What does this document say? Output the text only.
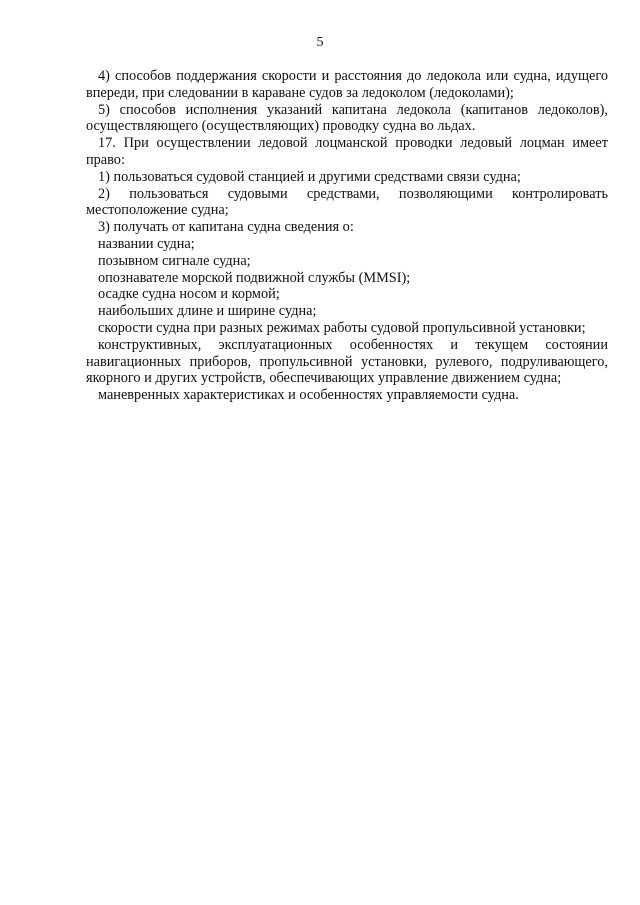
5

4) способов поддержания скорости и расстояния до ледокола или судна, идущего впереди, при следовании в караване судов за ледоколом (ледоколами);

5) способов исполнения указаний капитана ледокола (капитанов ледоколов), осуществляющего (осуществляющих) проводку судна во льдах.

17. При осуществлении ледовой лоцманской проводки ледовый лоцман имеет право:

1) пользоваться судовой станцией и другими средствами связи судна;

2) пользоваться судовыми средствами, позволяющими контролировать местоположение судна;

3) получать от капитана судна сведения о:

названии судна;

позывном сигнале судна;

опознавателе морской подвижной службы (MMSI);

осадке судна носом и кормой;

наибольших длине и ширине судна;

скорости судна при разных режимах работы судовой пропульсивной установки;

конструктивных, эксплуатационных особенностях и текущем состоянии навигационных приборов, пропульсивной установки, рулевого, подруливающего, якорного и других устройств, обеспечивающих управление движением судна;

маневренных характеристиках и особенностях управляемости судна.
